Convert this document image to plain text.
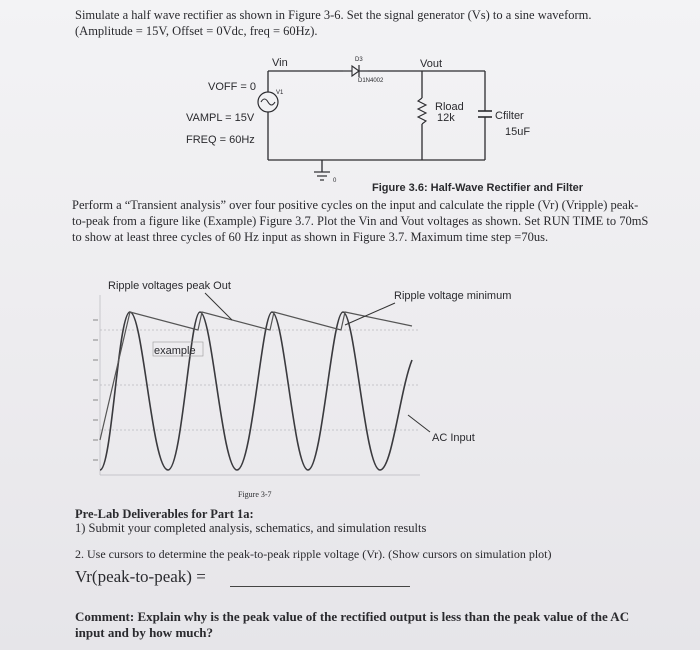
Simulate a half wave rectifier as shown in Figure 3-6. Set the signal generator (Vs) to a sine waveform.
(Amplitude = 15V, Offset = 0Vdc, freq = 60Hz).
Vin	Vout
D3
D1N4002
VOFF = 0	V1
VAMPL = 15V
FREQ = 60Hz
Rload
12k	Cfilter
15uF
0
Figure 3.6: Half-Wave Rectifier and Filter
Perform a “Transient analysis” over four positive cycles on the input and calculate the ripple (Vr) (Vripple) peak-to-peak from a figure like (Example) Figure 3.7. Plot the Vin and Vout voltages as shown. Set RUN TIME to 70mS to show at least three cycles of 60 Hz input as shown in Figure 3.7. Maximum time step =70us.
Ripple voltages peak Out
Ripple voltage minimum
example
AC Input
Figure 3-7
Pre-Lab Deliverables for Part 1a:
1) Submit your completed analysis, schematics, and simulation results
2. Use cursors to determine the peak-to-peak ripple voltage (Vr). (Show cursors on simulation plot)
Vr(peak-to-peak) =
Comment: Explain why is the peak value of the rectified output is less than the peak value of the AC input and by how much?
